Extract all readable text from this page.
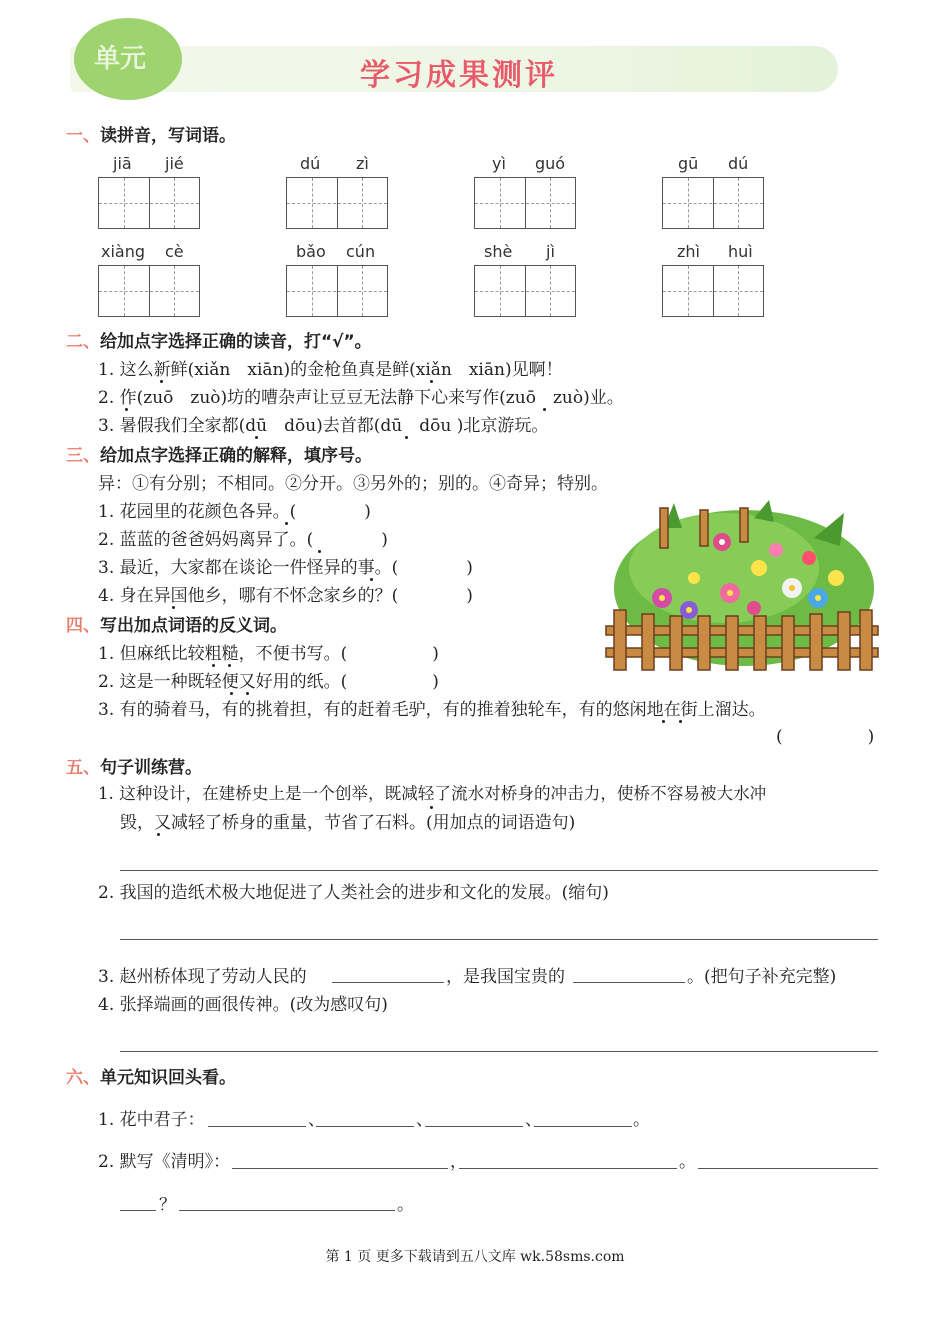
单元	学习成果测评
一、读拼音，写词语。
jiā jié	dú zì	yì guó	gū dú
xiàng cè	bǎo cún	shè jì	zhì huì
二、给加点字选择正确的读音，打“√”。
1. 这么新鲜(xiǎn　xiān)的金枪鱼真是鲜(xiǎn　xiān)见啊！
2. 作(zuō　zuò)坊的嘈杂声让豆豆无法静下心来写作(zuō　zuò)业。
3. 暑假我们全家都(dū　dōu)去首都(dū　dōu )北京游玩。
三、给加点字选择正确的解释，填序号。
异：①有分别；不相同。②分开。③另外的；别的。④奇异；特别。
1. 花园里的花颜色各异。(　　　　)
2. 蓝蓝的爸爸妈妈离异了。(　　　　)
3. 最近，大家都在谈论一件怪异的事。(　　　　)
4. 身在异国他乡，哪有不怀念家乡的？(　　　　)
四、写出加点词语的反义词。
1. 但麻纸比较粗糙，不便书写。(　　　　　)
2. 这是一种既轻便又好用的纸。(　　　　　)
3. 有的骑着马，有的挑着担，有的赶着毛驴，有的推着独轮车，有的悠闲地在街上溜达。
(　　　　　)
五、句子训练营。
1. 这种设计，在建桥史上是一个创举，既减轻了流水对桥身的冲击力，使桥不容易被大水冲
毁，又减轻了桥身的重量，节省了石料。(用加点的词语造句)
2. 我国的造纸术极大地促进了人类社会的进步和文化的发展。(缩句)
3. 赵州桥体现了劳动人民的	，是我国宝贵的	。(把句子补充完整)
4. 张择端画的画很传神。(改为感叹句)
六、单元知识回头看。
1. 花中君子：	、	、	、	。
2. 默写《清明》：	，	。
？	。
第 1 页 更多下载请到五八文库 wk.58sms.com
